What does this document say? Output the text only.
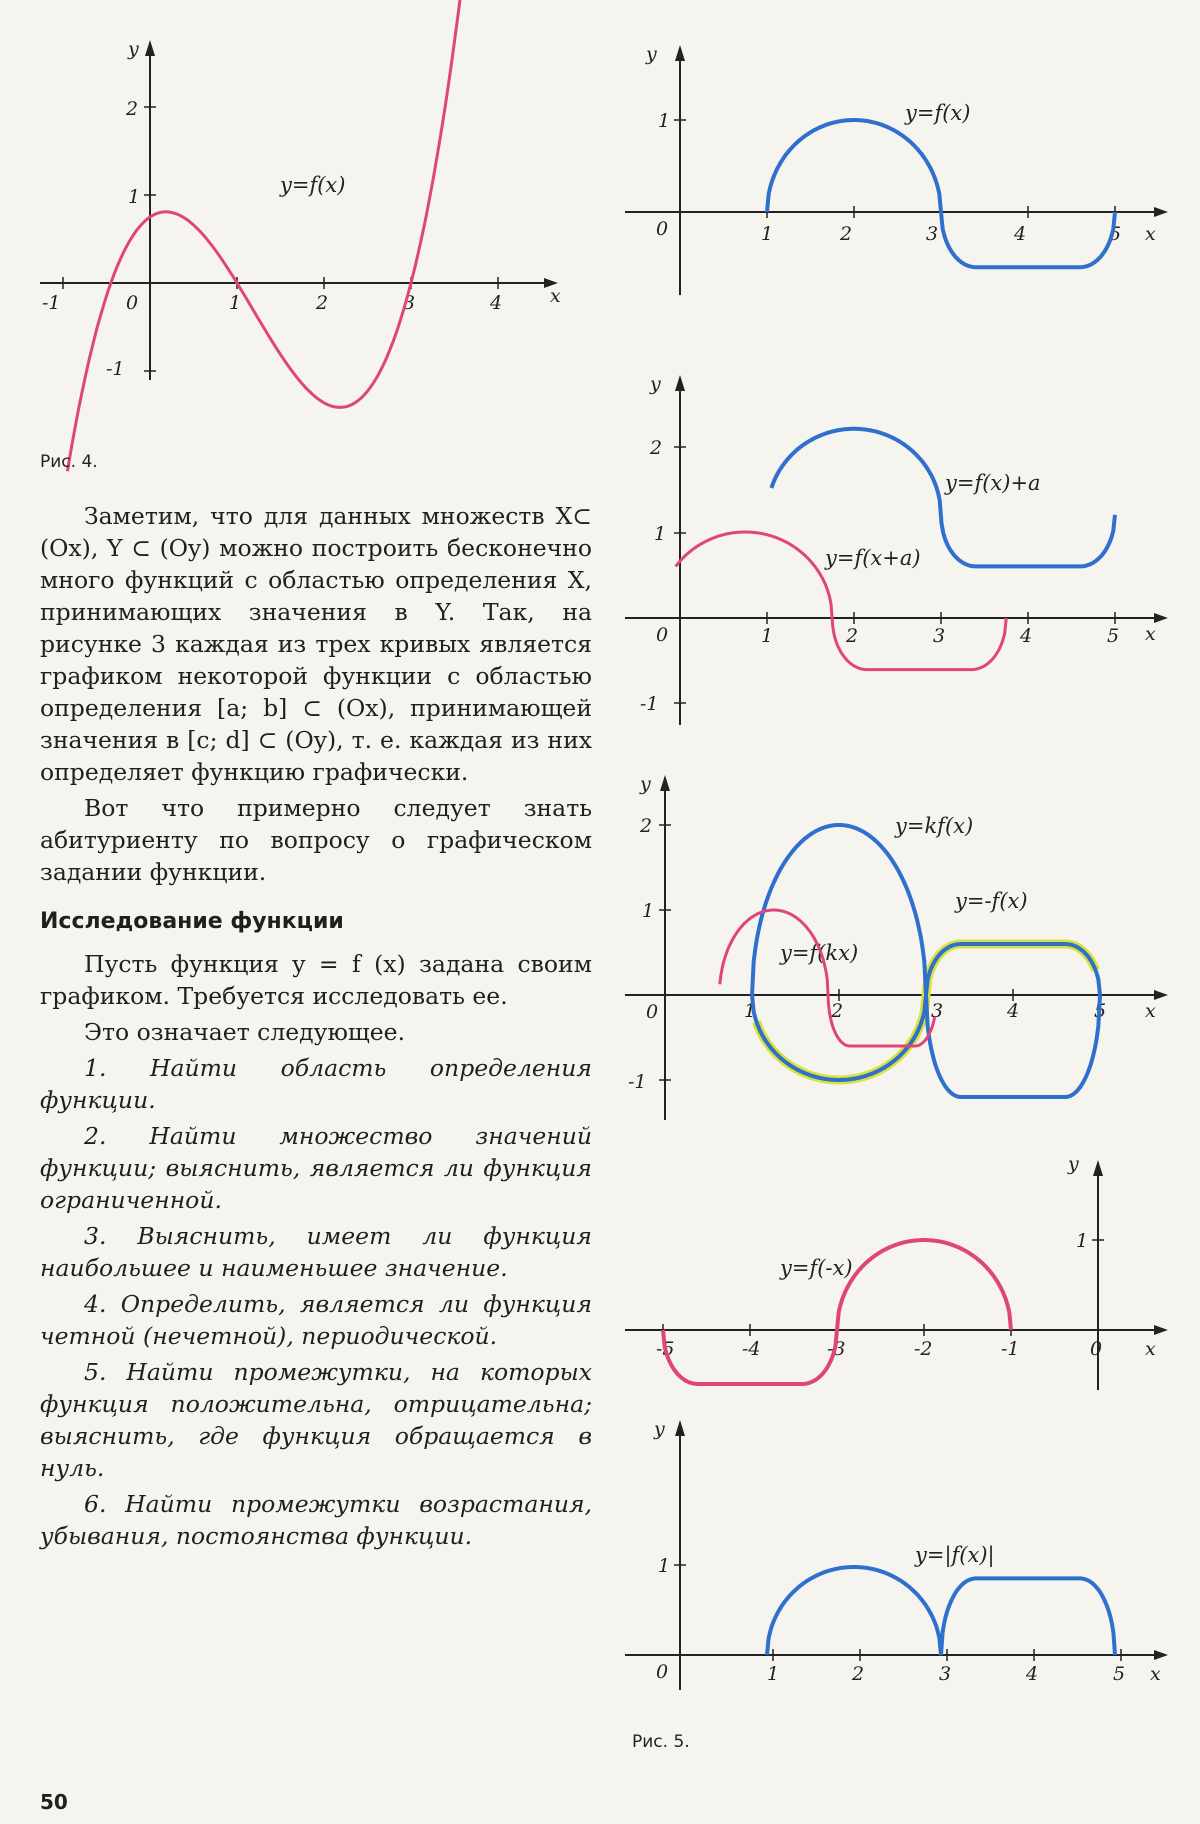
y
x
-1	0	1	2	3	4
2
1
-1
y=f(x)
Рис. 4.
y
x
0
1
1	2	3	4	5
y=f(x)
y
x
0
2
1
-1
1	2	3	4	5
y=f(x)+a
y=f(x+a)
y
x
0
2
1
-1
1	2	3	4	5
y=kf(x)
y=-f(x)
y=f(kx)
y
x
0
1
-5	-4	-3	-2	-1
y=f(-x)
y
x
0
1
1	2	3	4	5
y=|f(x)|
Рис. 5.

Заметим, что для данных множеств X⊂ (Ox), Y ⊂ (Oy) можно построить бесконечно много функций с областью определения X, принимающих значения в Y. Так, на рисунке 3 каждая из трех кривых является графиком некоторой функции с областью определения [a; b] ⊂ (Ox), принимающей значения в [c; d] ⊂ (Oy), т. е. каждая из них определяет функцию графически.

Вот что примерно следует знать абитуриенту по вопросу о графическом задании функции.

Исследование функции

Пусть функция y = f (x) задана своим графиком. Требуется исследовать ее.

Это означает следующее.

1. Найти область определения функции.

2. Найти множество значений функции; выяснить, является ли функция ограниченной.

3. Выяснить, имеет ли функция наибольшее и наименьшее значение.

4. Определить, является ли функция четной (нечетной), периодической.

5. Найти промежутки, на которых функция положительна, отрицательна; выяснить, где функция обращается в нуль.

6. Найти промежутки возрастания, убывания, постоянства функции.

50
